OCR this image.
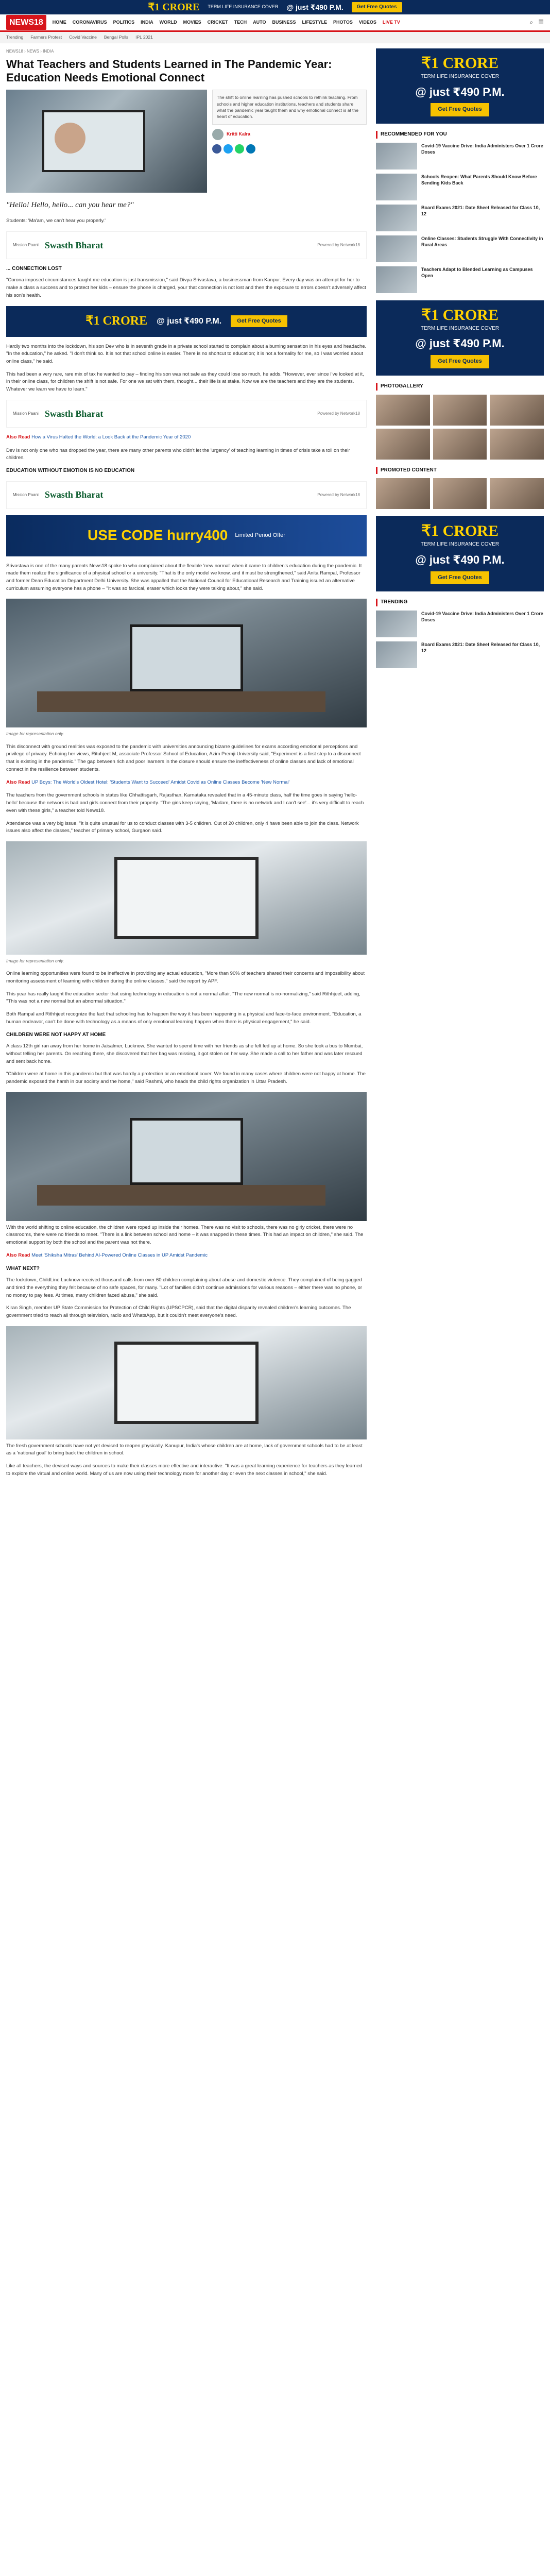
₹1 CRORE TERM LIFE INSURANCE COVER @ just ₹490 P.M.	Get Free Quotes
NEWS18	HOME CORONAVIRUS POLITICS INDIA WORLD MOVIES CRICKET TECH AUTO BUSINESS LIFESTYLE PHOTOS VIDEOS LIVE TV	⌕ ☰
Trending Farmers Protest Covid Vaccine Bengal Polls IPL 2021
NEWS18 › NEWS › INDIA
What Teachers and Students Learned in The Pandemic Year: Education Needs Emotional Connect
The shift to online learning has pushed schools to rethink teaching. From schools and higher education institutions, teachers and students share what the pandemic year taught them and why emotional connect is at the heart of education.
Kritti Kalra

"Hello! Hello, hello... can you hear me?"

Students: 'Ma'am, we can't hear you properly.'

Mission Paani Swasth Bharat	Powered by Network18
... CONNECTION LOST

"Corona imposed circumstances taught me education is just transmission," said Divya Srivastava, a businessman from Kanpur. Every day was an attempt for her to make a class a success and to protect her kids – ensure the phone is charged, your that connection is not lost and then the exposure to errors doesn't adversely affect his son's health.

₹1 CRORE @ just ₹490 P.M.	Get Free Quotes

Hardly two months into the lockdown, his son Dev who is in seventh grade in a private school started to complain about a burning sensation in his eyes and headache. "In the education," he asked. "I don't think so. It is not that school online is easier. There is no shortcut to education; it is not a formality for me, so I was worried about online class," he said.

This had been a very rare, rare mix of tax he wanted to pay – finding his son was not safe as they could lose so much, he adds. "However, ever since I've looked at it, in their online class, for children the shift is not safe. For one we sat with them, thought... their life is at stake. Now we are the teachers and they are the students. Whatever we learn we have to learn."

Mission Paani Swasth Bharat	Powered by Network18
Also Read How a Virus Halted the World: a Look Back at the Pandemic Year of 2020

Dev is not only one who has dropped the year, there are many other parents who didn't let the 'urgency' of teaching learning in times of crisis take a toll on their children.

EDUCATION WITHOUT EMOTION IS NO EDUCATION
Mission Paani Swasth Bharat	Powered by Network18
USE CODE hurry400 Limited Period Offer

Srivastava is one of the many parents News18 spoke to who complained about the flexible 'new normal' when it came to children's education during the pandemic. It made them realize the significance of a physical school or a university. "That is the only model we know, and it must be strengthened," said Anita Rampal, Professor and former Dean Education Department Delhi University. She was appalled that the National Council for Educational Research and Training issued an alternative curriculum assuming everyone has a phone – "It was so farcical, eraser which looks they were talking about," she said.

Image for representation only.

This disconnect with ground realities was exposed to the pandemic with universities announcing bizarre guidelines for exams according emotional perceptions and privilege of privacy. Echoing her views, Rituhjeet M, associate Professor School of Education, Azim Premji University said, "Experiment is a first step to a disconnect that is existing in the pandemic." The gap between rich and poor learners in the closure should ensure the ineffectiveness of online classes and lack of emotional connect in the resilience between students.

Also Read UP Boys: The World's Oldest Hotel: 'Students Want to Succeed' Amidst Covid as Online Classes Become 'New Normal'

The teachers from the government schools in states like Chhattisgarh, Rajasthan, Karnataka revealed that in a 45-minute class, half the time goes in saying 'hello-hello' because the network is bad and girls connect from their property. "The girls keep saying, 'Madam, there is no network and I can't see'... it's very difficult to reach even with these girls," a teacher told News18.

Attendance was a very big issue. "It is quite unusual for us to conduct classes with 3-5 children. Out of 20 children, only 4 have been able to join the class. Network issues also affect the classes," teacher of primary school, Gurgaon said.

Image for representation only.

Online learning opportunities were found to be ineffective in providing any actual education, "More than 90% of teachers shared their concerns and impossibility about monitoring assessment of learning with children during the online classes," said the report by APF.

This year has really taught the education sector that using technology in education is not a normal affair. "The new normal is no-normalizing," said Rithhjeet, adding, "This was not a new normal but an abnormal situation."

Both Rampal and Rithhjeet recognize the fact that schooling has to happen the way it has been happening in a physical and face-to-face environment. "Education, a human endeavor, can't be done with technology as a means of only emotional learning happen when there is physical engagement," he said.

CHILDREN WERE NOT HAPPY AT HOME

A class 12th girl ran away from her home in Jaisalmer, Lucknow. She wanted to spend time with her friends as she felt fed up at home. So she took a bus to Mumbai, without telling her parents. On reaching there, she discovered that her bag was missing, it got stolen on her way. She made a call to her father and was later rescued and sent back home.

"Children were at home in this pandemic but that was hardly a protection or an emotional cover. We found in many cases where children were not happy at home. The pandemic exposed the harsh in our society and the home," said Rashmi, who heads the child rights organization in Uttar Pradesh.

With the world shifting to online education, the children were roped up inside their homes. There was no visit to schools, there was no girly cricket, there were no classrooms, there were no friends to meet. "There is a link between school and home – it was snapped in these times. This had an impact on children," she said. The emotional support by both the school and the parent was not there.

Also Read Meet 'Shiksha Mitras' Behind AI-Powered Online Classes in UP Amidst Pandemic
WHAT NEXT?

The lockdown, ChildLine Lucknow received thousand calls from over 60 children complaining about abuse and domestic violence. They complained of being gagged and tired the everything they felt because of no safe spaces, for many. "Lot of families didn't continue admissions for various reasons – either there was no phone, or no money to pay fees. At times, many children faced abuse," she said.

Kiran Singh, member UP State Commission for Protection of Child Rights (UPSCPCR), said that the digital disparity revealed children's learning outcomes. The government tried to reach all through television, radio and WhatsApp, but it couldn't meet everyone's need.

The fresh government schools have not yet devised to reopen physically. Kanupur, India's whose children are at home, lack of government schools had to be at least as a 'national goal' to bring back the children in school.

Like all teachers, the devised ways and sources to make their classes more effective and interactive. "It was a great learning experience for teachers as they learned to explore the virtual and online world. Many of us are now using their technology more for another day or even the next classes in school," she said.

₹1 CRORE
TERM LIFE INSURANCE COVER
@ just ₹490 P.M.
Get Free Quotes
RECOMMENDED FOR YOU
Covid-19 Vaccine Drive: India Administers Over 1 Crore Doses
Schools Reopen: What Parents Should Know Before Sending Kids Back
Board Exams 2021: Date Sheet Released for Class 10, 12
Online Classes: Students Struggle With Connectivity in Rural Areas
Teachers Adapt to Blended Learning as Campuses Open
₹1 CRORE
TERM LIFE INSURANCE COVER
@ just ₹490 P.M.
Get Free Quotes
PHOTOGALLERY
PROMOTED CONTENT
₹1 CRORE
TERM LIFE INSURANCE COVER
@ just ₹490 P.M.
Get Free Quotes
TRENDING
Covid-19 Vaccine Drive: India Administers Over 1 Crore Doses
Board Exams 2021: Date Sheet Released for Class 10, 12
